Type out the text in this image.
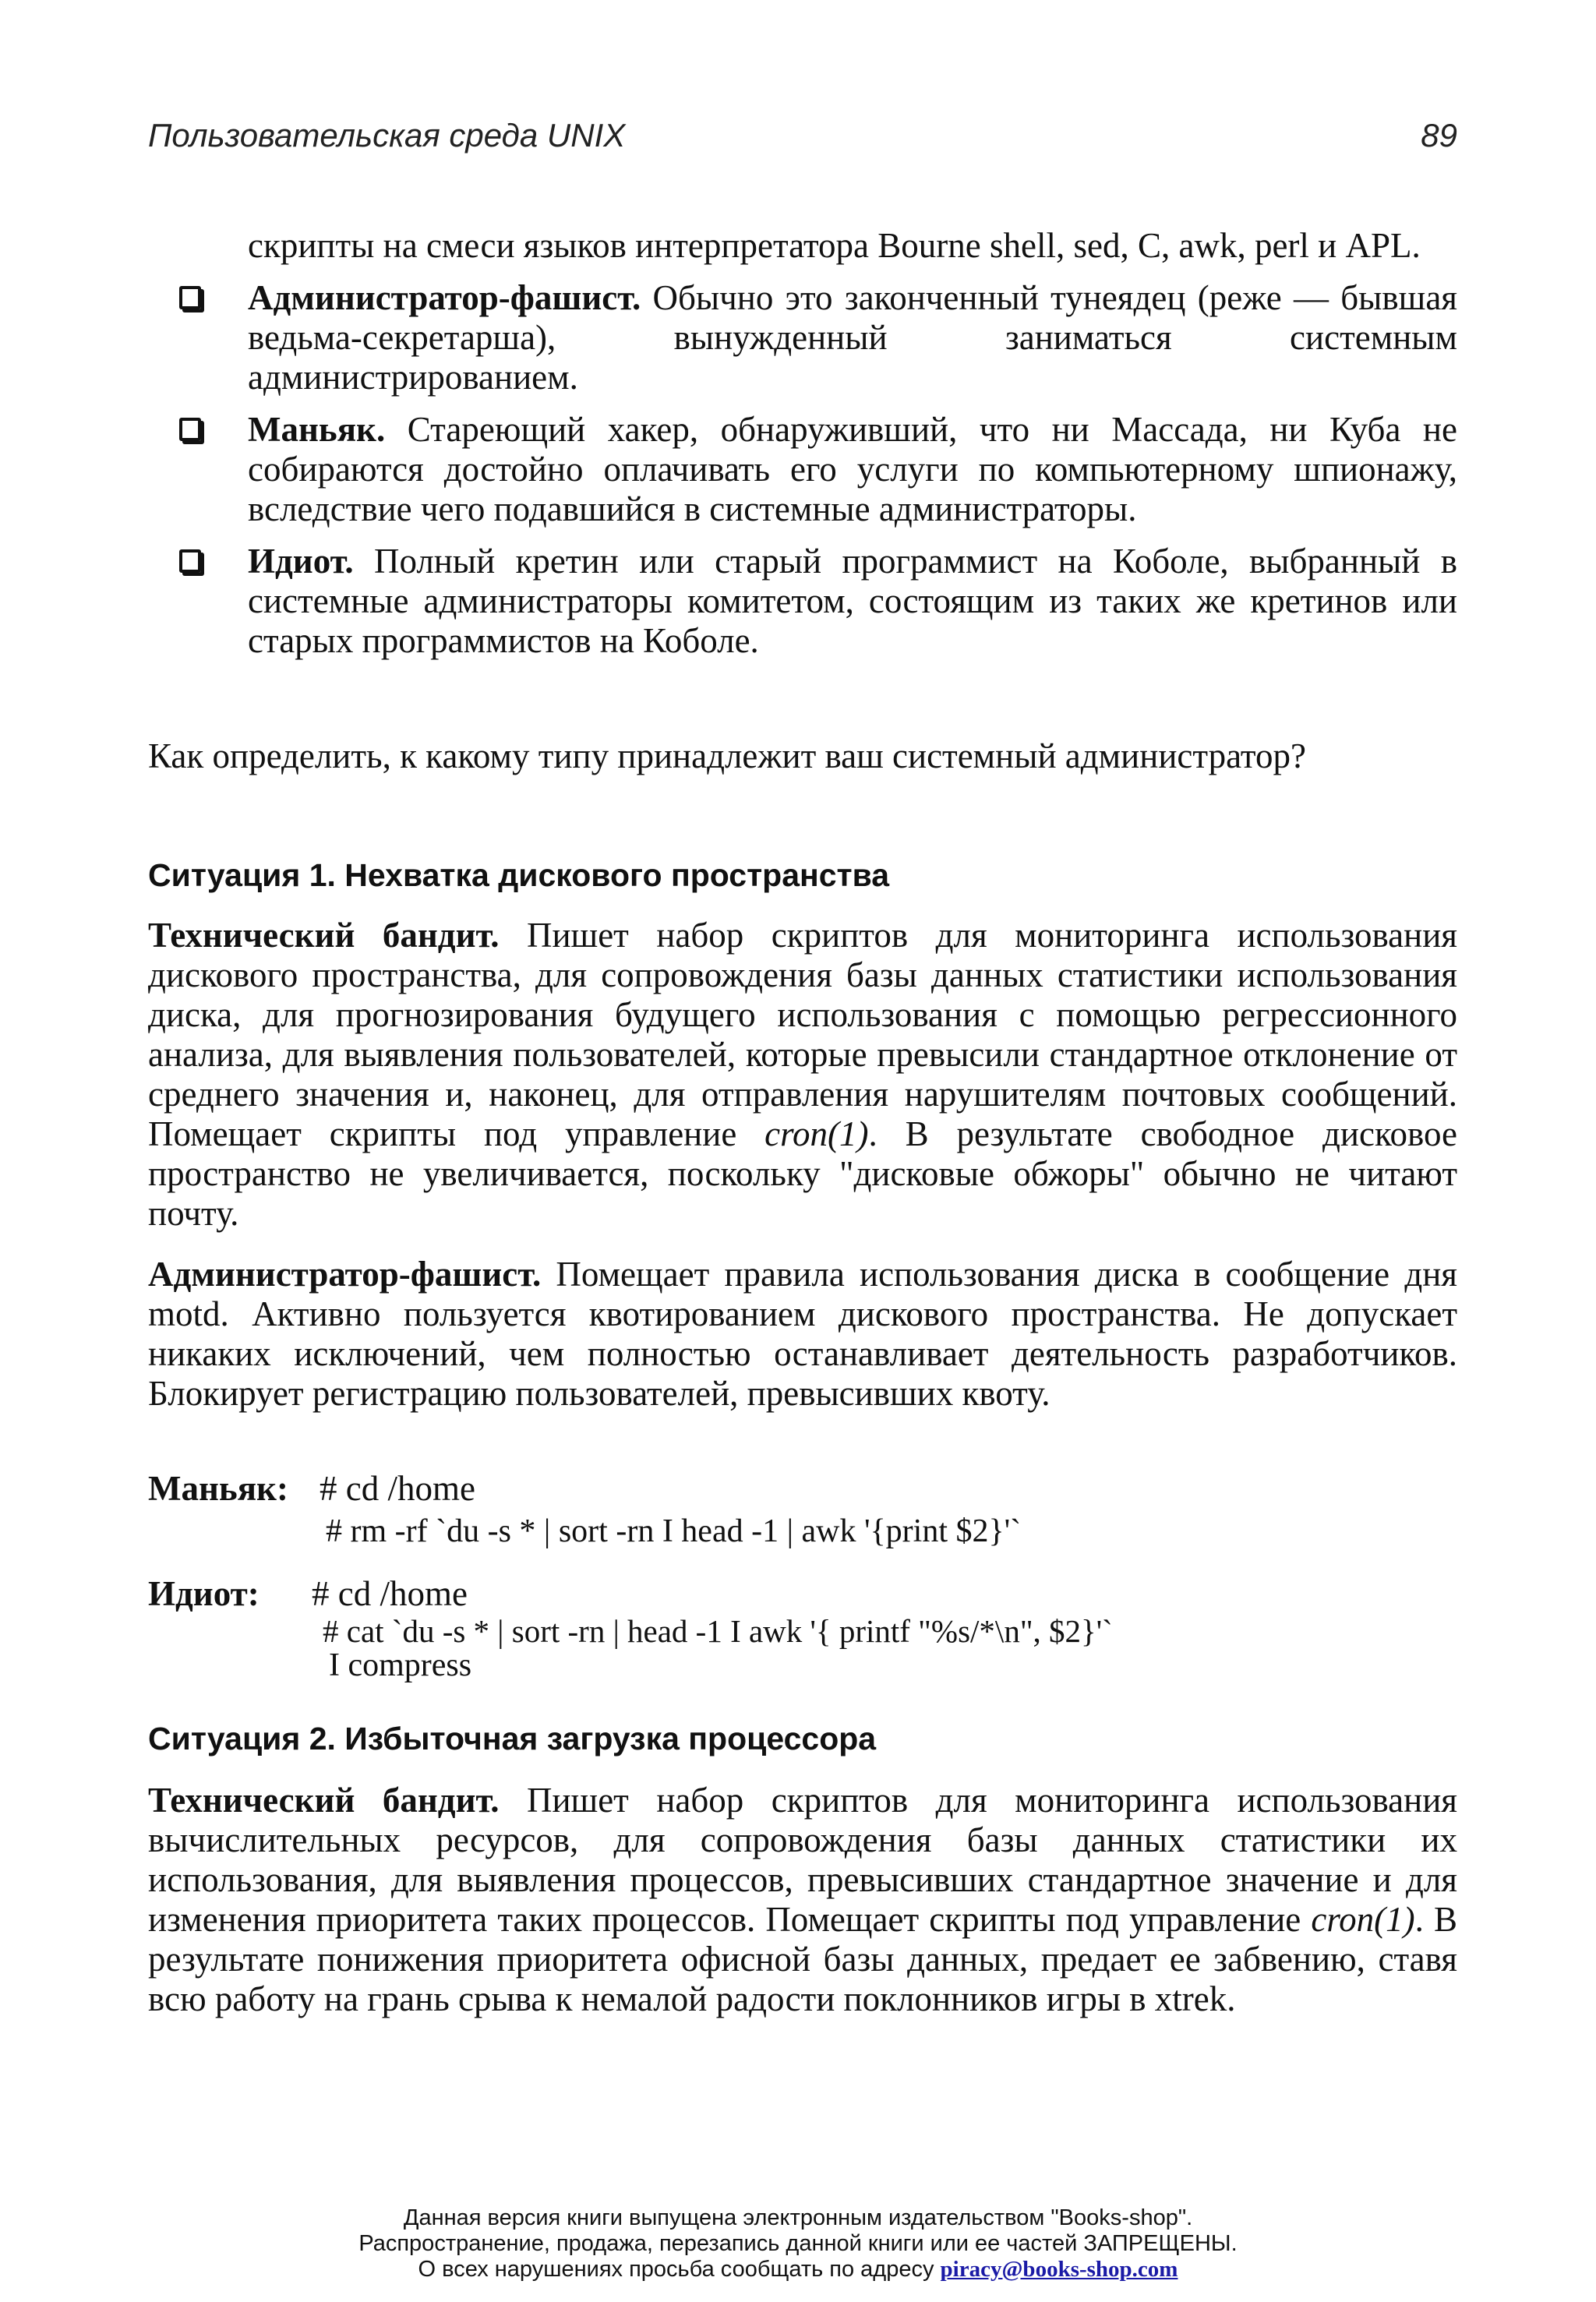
Пользовательская среда UNIX	89
скрипты на смеси языков интерпретатора Bourne shell, sed, C, awk, perl и APL.
Администратор-фашист. Обычно это законченный тунеядец (реже — бывшая ведьма-секретарша), вынужденный заниматься системным администрированием.
Маньяк. Стареющий хакер, обнаруживший, что ни Массада, ни Куба не собираются достойно оплачивать его услуги по компьютерному шпионажу, вследствие чего подавшийся в системные администраторы.
Идиот. Полный кретин или старый программист на Коболе, выбранный в системные администраторы комитетом, состоящим из таких же кретинов или старых программистов на Коболе.
Как определить, к какому типу принадлежит ваш системный администратор?
Ситуация 1. Нехватка дискового пространства
Технический бандит. Пишет набор скриптов для мониторинга использования дискового пространства, для сопровождения базы данных статистики использования диска, для прогнозирования будущего использования с помощью регрессионного анализа, для выявления пользователей, которые превысили стандартное отклонение от среднего значения и, наконец, для отправления нарушителям почтовых сообщений. Помещает скрипты под управление cron(1). В результате свободное дисковое пространство не увеличивается, поскольку "дисковые обжоры" обычно не читают почту.
Администратор-фашист. Помещает правила использования диска в сообщение дня motd. Активно пользуется квотированием дискового пространства. Не допускает никаких исключений, чем полностью останавливает деятельность разработчиков. Блокирует регистрацию пользователей, превысивших квоту.
Маньяк: # cd /home
# rm -rf `du -s * | sort -rn I head -1 | awk '{print $2}'`
Идиот: # cd /home
# cat `du -s * | sort -rn | head -1 I awk '{ printf "%s/*\n", $2}'`
I compress
Ситуация 2. Избыточная загрузка процессора
Технический бандит. Пишет набор скриптов для мониторинга использования вычислительных ресурсов, для сопровождения базы данных статистики их использования, для выявления процессов, превысивших стандартное значение и для изменения приоритета таких процессов. Помещает скрипты под управление cron(1). В результате понижения приоритета офисной базы данных, предает ее забвению, ставя всю работу на грань срыва к немалой радости поклонников игры в xtrek.
Данная версия книги выпущена электронным издательством "Books-shop".
Распространение, продажа, перезапись данной книги или ее частей ЗАПРЕЩЕНЫ.
О всех нарушениях просьба сообщать по адресу piracy@books-shop.com
